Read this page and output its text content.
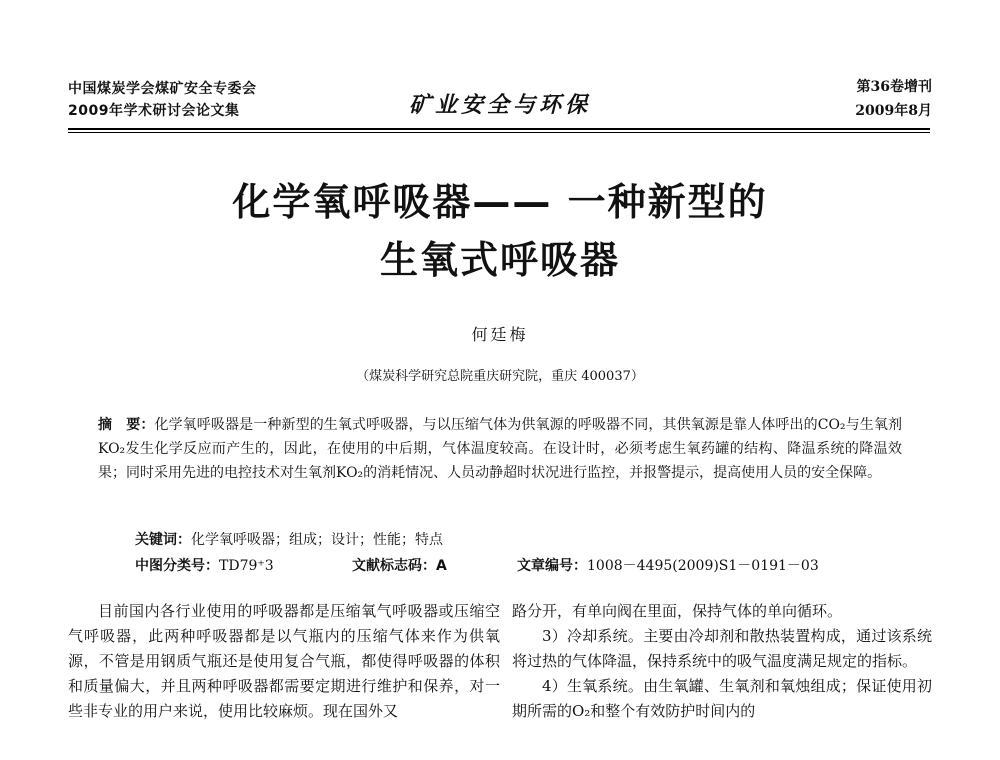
中国煤炭学会煤矿安全专委会
2009年学术研讨会论文集	矿业安全与环保
第36卷增刊
2009年8月
化学氧呼吸器—— 一种新型的
生氧式呼吸器
何廷梅
（煤炭科学研究总院重庆研究院，重庆 400037）

摘　要：化学氧呼吸器是一种新型的生氧式呼吸器，与以压缩气体为供氧源的呼吸器不同，其供氧源是靠人体呼出的CO₂与生氧剂KO₂发生化学反应而产生的，因此，在使用的中后期，气体温度较高。在设计时，必须考虑生氧药罐的结构、降温系统的降温效果；同时采用先进的电控技术对生氧剂KO₂的消耗情况、人员动静超时状况进行监控，并报警提示，提高使用人员的安全保障。

关键词：化学氧呼吸器；组成；设计；性能；特点
中图分类号：TD79⁺3	文献标志码：A	文章编号：1008－4495(2009)S1－0191－03

目前国内各行业使用的呼吸器都是压缩氧气呼吸器或压缩空气呼吸器，此两种呼吸器都是以气瓶内的压缩气体来作为供氧源，不管是用钢质气瓶还是使用复合气瓶，都使得呼吸器的体积和质量偏大，并且两种呼吸器都需要定期进行维护和保养，对一些非专业的用户来说，使用比较麻烦。现在国外又

路分开，有单向阀在里面，保持气体的单向循环。

3）冷却系统。主要由冷却剂和散热装置构成，通过该系统将过热的气体降温，保持系统中的吸气温度满足规定的指标。

4）生氧系统。由生氧罐、生氧剂和氧烛组成；保证使用初期所需的O₂和整个有效防护时间内的
